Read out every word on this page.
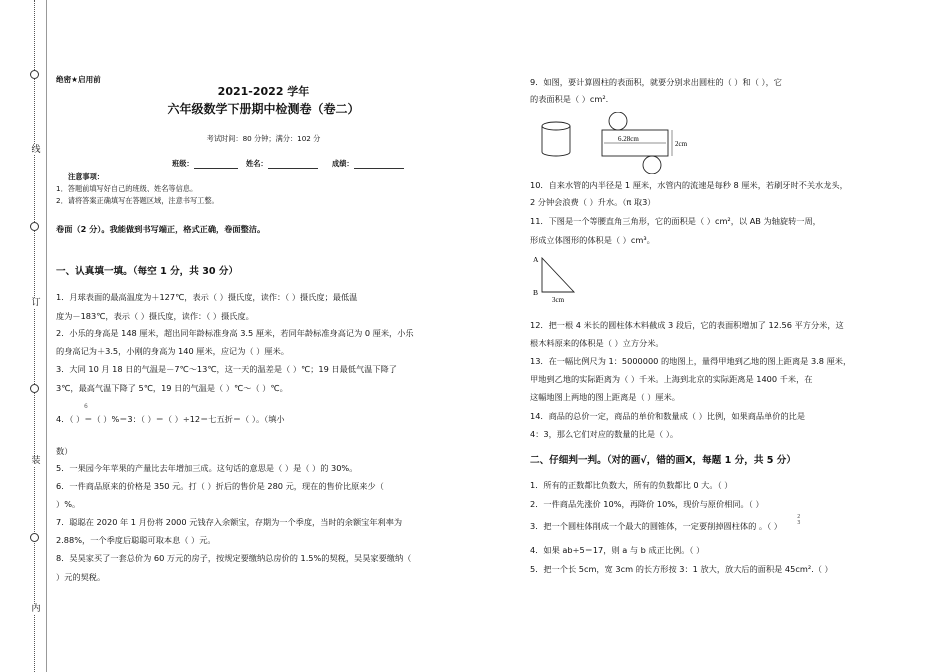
线
订
装
内
绝密★启用前
2021-2022 学年
六年级数学下册期中检测卷（卷二）
考试时间：80 分钟；满分：102 分
班级：	姓名：	成绩：
注意事项：
1．答题前填写好自己的班级、姓名等信息。
2．请将答案正确填写在答题区域，注意书写工整。
卷面（2 分）。我能做到书写端正，格式正确，卷面整洁。
一、认真填一填。（每空 1 分，共 30 分）
1．月球表面的最高温度为＋127℃，表示（ ）摄氏度，读作：（ ）摄氏度；最低温
度为－183℃，表示（ ）摄氏度，读作：（ ）摄氏度。
2．小乐的身高是 148 厘米，超出同年龄标准身高 3.5 厘米，若同年龄标准身高记为 0 厘米，小乐
的身高记为＋3.5，小刚的身高为 140 厘米，应记为（ ）厘米。
3．大同 10 月 18 日的气温是－7℃～13℃，这一天的温差是（ ）℃；19 日最低气温下降了
3℃，最高气温下降了 5℃，19 日的气温是（ ）℃～（ ）℃。
6
4．（ ）＝（ ）%＝3：（ ）＝（ ）÷12＝七五折＝（ ）。（填小
数）
5．一果园今年苹果的产量比去年增加三成。这句话的意思是（ ）是（ ）的 30%。
6．一件商品原来的价格是 350 元。打（ ）折后的售价是 280 元，现在的售价比原来少（
）%。
7．聪聪在 2020 年 1 月份将 2000 元钱存入余额宝，存期为一个季度，当时的余额宝年利率为
2.88%，一个季度后聪聪可取本息（ ）元。
8．吴昊家买了一套总价为 60 万元的房子，按规定要缴纳总房价的 1.5%的契税，吴昊家要缴纳（
）元的契税。
9．如图，要计算圆柱的表面积，就要分别求出圆柱的（ ）和（ ），它
的表面积是（ ）cm².
6.28cm
2cm
10．自来水管的内半径是 1 厘米，水管内的流速是每秒 8 厘米，若刷牙时不关水龙头，
2 分钟会浪费（ ）升水。（π 取3）
11．下图是一个等腰直角三角形，它的面积是（ ）cm²，以 AB 为轴旋转一周，
形成立体图形的体积是（ ）cm³。
A
B
3cm
12．把一根 4 米长的圆柱体木料截成 3 段后，它的表面积增加了 12.56 平方分米，这
根木料原来的体积是（ ）立方分米。
13．在一幅比例尺为 1：5000000 的地图上，量得甲地到乙地的图上距离是 3.8 厘米，
甲地到乙地的实际距离为（ ）千米。上海到北京的实际距离是 1400 千米，在
这幅地图上两地的图上距离是（ ）厘米。
14．商品的总价一定，商品的单价和数量成（ ）比例，如果商品单价的比是
4：3，那么它们对应的数量的比是（ ）。
二、仔细判一判。（对的画√，错的画X，每题 1 分，共 5 分）
1．所有的正数都比负数大，所有的负数都比 0 大。（ ）
2．一件商品先涨价 10%，再降价 10%，现价与原价相同。（ ）
2
3
3．把一个圆柱体削成一个最大的圆锥体，一定要削掉圆柱体的 。（ ）
4．如果 ab÷5＝17，则 a 与 b 成正比例。（ ）
5．把一个长 5cm，宽 3cm 的长方形按 3：1 放大，放大后的面积是 45cm².（ ）
